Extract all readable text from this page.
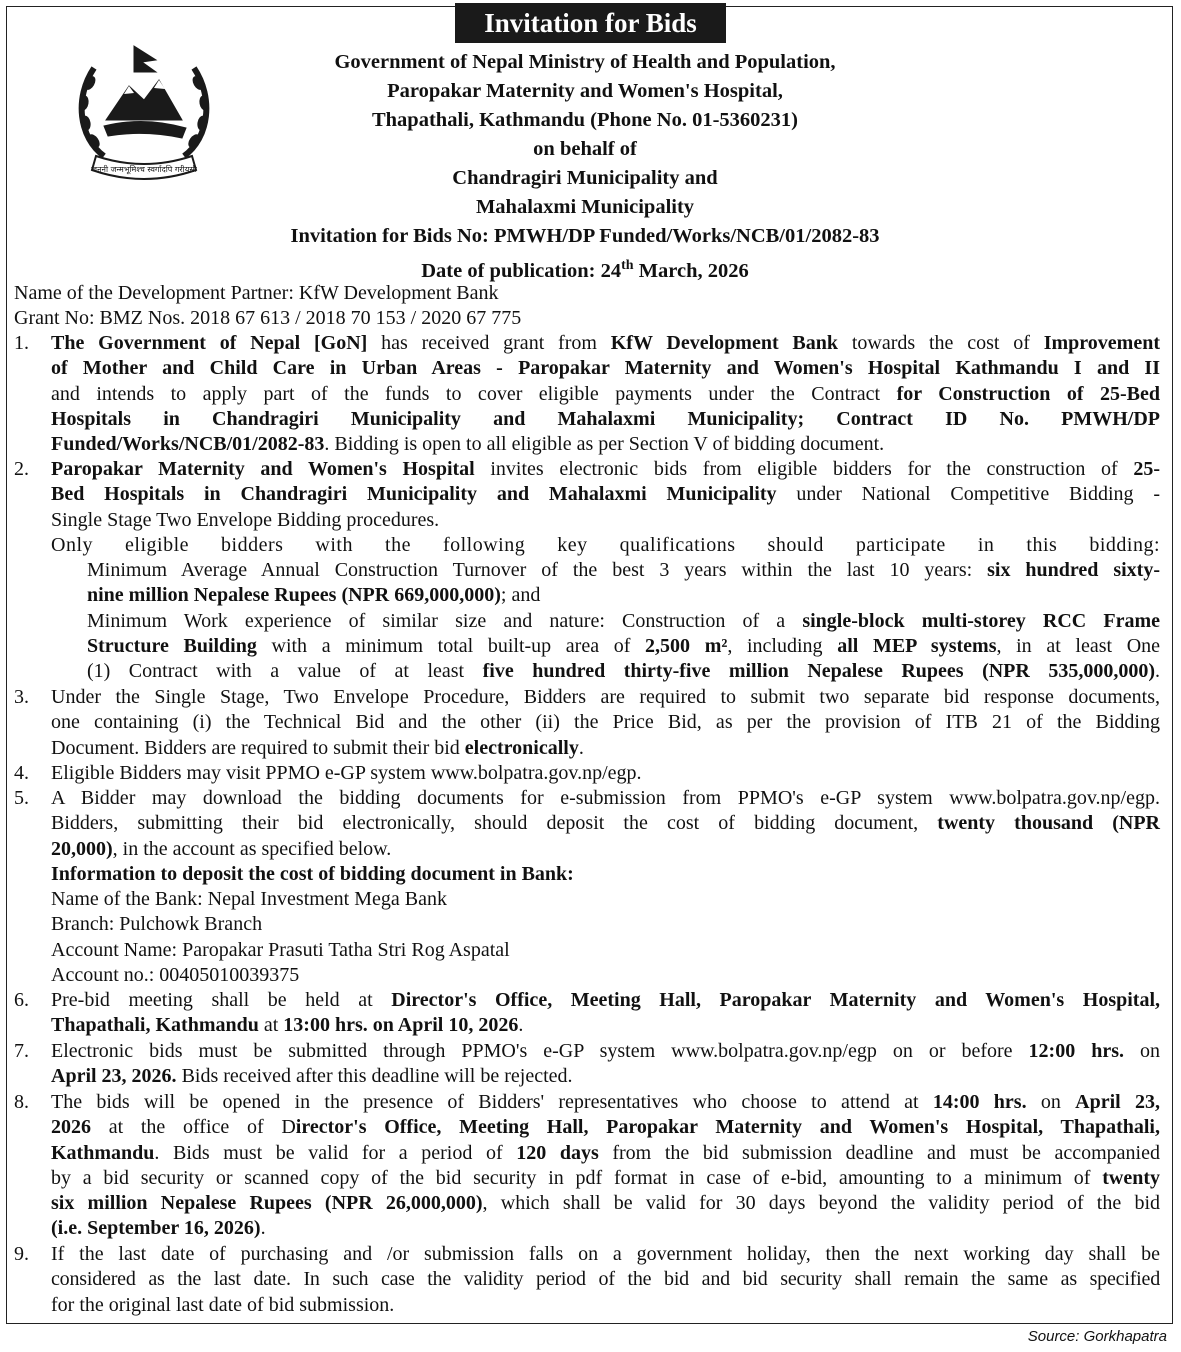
Invitation for Bids
जननी जन्मभूमिश्च स्वर्गादपि गरीयसी

Government of Nepal Ministry of Health and Population,
Paropakar Maternity and Women's Hospital,
Thapathali, Kathmandu (Phone No. 01-5360231)
on behalf of
Chandragiri Municipality and
Mahalaxmi Municipality
Invitation for Bids No: PMWH/DP Funded/Works/NCB/01/2082-83
Date of publication: 24th March, 2026
Name of the Development Partner: KfW Development Bank
Grant No: BMZ Nos. 2018 67 613 / 2018 70 153 / 2020 67 775
1. The Government of Nepal [GoN] has received grant from KfW Development Bank towards the cost of Improvement
of Mother and Child Care in Urban Areas - Paropakar Maternity and Women's Hospital Kathmandu I and II
and intends to apply part of the funds to cover eligible payments under the Contract for Construction of 25-Bed
Hospitals in Chandragiri Municipality and Mahalaxmi Municipality; Contract ID No. PMWH/DP
Funded/Works/NCB/01/2082-83. Bidding is open to all eligible as per Section V of bidding document.
2. Paropakar Maternity and Women's Hospital invites electronic bids from eligible bidders for the construction of 25-
Bed Hospitals in Chandragiri Municipality and Mahalaxmi Municipality under National Competitive Bidding -
Single Stage Two Envelope Bidding procedures.
Only eligible bidders with the following key qualifications should participate in this bidding:
Minimum Average Annual Construction Turnover of the best 3 years within the last 10 years: six hundred sixty-
nine million Nepalese Rupees (NPR 669,000,000); and
Minimum Work experience of similar size and nature: Construction of a single-block multi-storey RCC Frame
Structure Building with a minimum total built-up area of 2,500 m², including all MEP systems, in at least One
(1) Contract with a value of at least five hundred thirty-five million Nepalese Rupees (NPR 535,000,000).
3. Under the Single Stage, Two Envelope Procedure, Bidders are required to submit two separate bid response documents,
one containing (i) the Technical Bid and the other (ii) the Price Bid, as per the provision of ITB 21 of the Bidding
Document. Bidders are required to submit their bid electronically.
4. Eligible Bidders may visit PPMO e-GP system www.bolpatra.gov.np/egp.
5. A Bidder may download the bidding documents for e-submission from PPMO's e-GP system www.bolpatra.gov.np/egp.
Bidders, submitting their bid electronically, should deposit the cost of bidding document, twenty thousand (NPR
20,000), in the account as specified below.
Information to deposit the cost of bidding document in Bank:
Name of the Bank: Nepal Investment Mega Bank
Branch: Pulchowk Branch
Account Name: Paropakar Prasuti Tatha Stri Rog Aspatal
Account no.: 00405010039375
6. Pre-bid meeting shall be held at Director's Office, Meeting Hall, Paropakar Maternity and Women's Hospital,
Thapathali, Kathmandu at 13:00 hrs. on April 10, 2026.
7. Electronic bids must be submitted through PPMO's e-GP system www.bolpatra.gov.np/egp on or before 12:00 hrs. on
April 23, 2026. Bids received after this deadline will be rejected.
8. The bids will be opened in the presence of Bidders' representatives who choose to attend at 14:00 hrs. on April 23,
2026 at the office of Director's Office, Meeting Hall, Paropakar Maternity and Women's Hospital, Thapathali,
Kathmandu. Bids must be valid for a period of 120 days from the bid submission deadline and must be accompanied
by a bid security or scanned copy of the bid security in pdf format in case of e-bid, amounting to a minimum of twenty
six million Nepalese Rupees (NPR 26,000,000), which shall be valid for 30 days beyond the validity period of the bid
(i.e. September 16, 2026).
9. If the last date of purchasing and /or submission falls on a government holiday, then the next working day shall be
considered as the last date. In such case the validity period of the bid and bid security shall remain the same as specified
for the original last date of bid submission.
Source: Gorkhapatra
